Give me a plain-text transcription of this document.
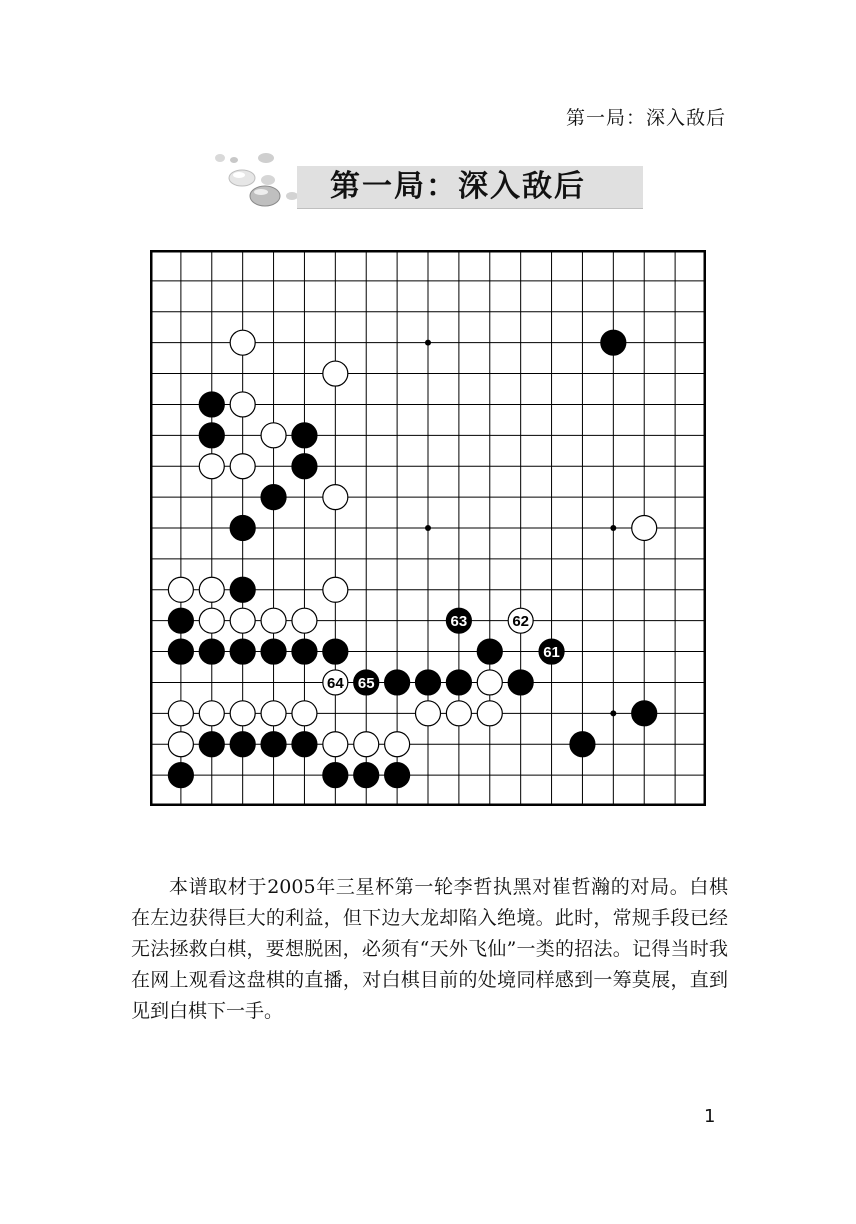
第一局：深入敌后
第一局：深入敌后
61
62
63
64 65
本谱取材于2005年三星杯第一轮李哲执黑对崔哲瀚的对局。白棋在左边获得巨大的利益，但下边大龙却陷入绝境。此时，常规手段已经无法拯救白棋，要想脱困，必须有“天外飞仙”一类的招法。记得当时我在网上观看这盘棋的直播，对白棋目前的处境同样感到一筹莫展，直到见到白棋下一手。
1
